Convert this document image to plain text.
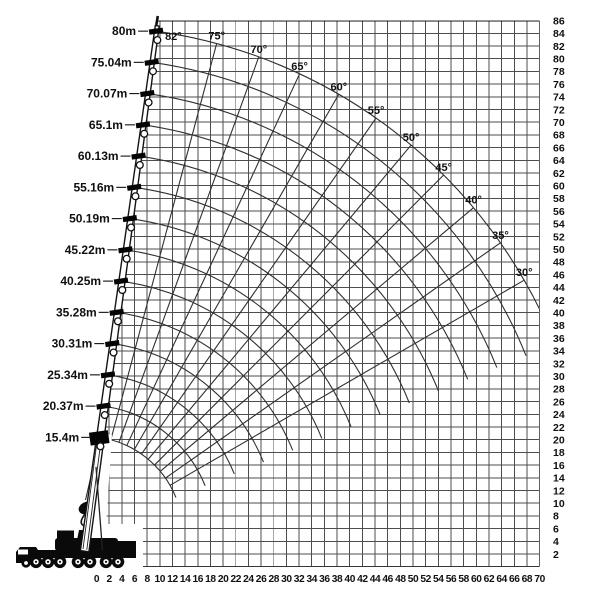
82° 75°
70°
65°
60°
55°
50°
45°
40°
35°
30°
80m
75.04m
70.07m
65.1m
60.13m
55.16m
50.19m
45.22m
40.25m
35.28m
30.31m
25.34m
20.37m
15.4m
0 2 4 6 8 10 12 14 16 18 20 22 24 26 28 30 32 34 36 38 40 42 44 46 48 50 52 54 56 58 60 62 64 66 68 70
2
4
6
8
10
12
14
16
18
20
22
24
26
28
30
32
34
36
38
40
42
44
46
48
50
52
54
56
58
60
62
64
66
68
70
72
74
76
78
80
82
84
86
